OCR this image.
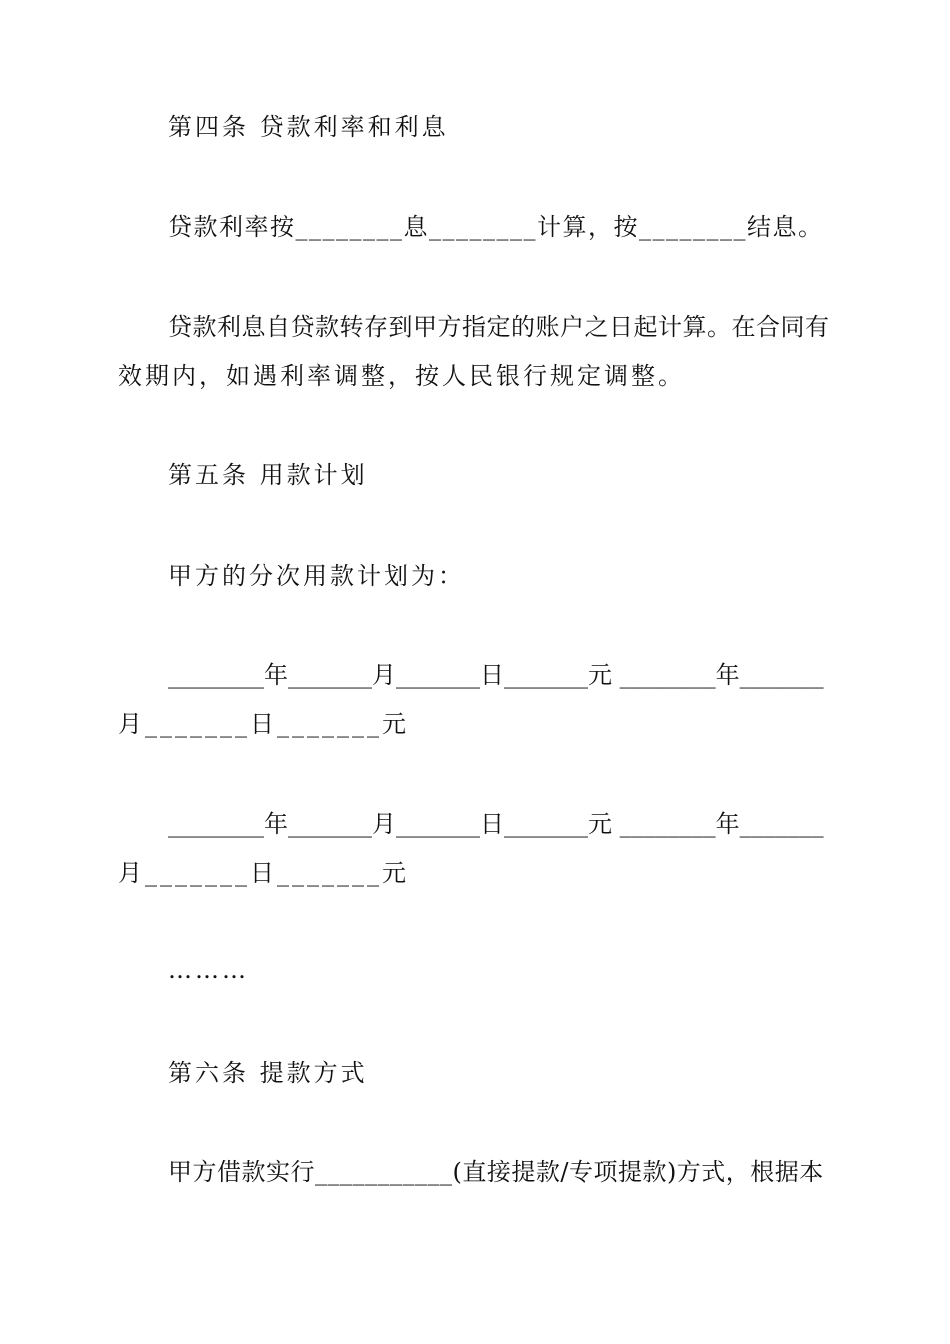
第四条 贷款利率和利息
贷款利率按________息________计算，按________结息。
贷款利息自贷款转存到甲方指定的账户之日起计算。在合同有
效期内，如遇利率调整，按人民银行规定调整。
第五条 用款计划
甲方的分次用款计划为：
________年_______月_______日_______元 ________年_______
月_______日_______元
________年_______月_______日_______元 ________年_______
月_______日_______元
………
第六条 提款方式
甲方借款实行___________(直接提款/专项提款)方式，根据本
